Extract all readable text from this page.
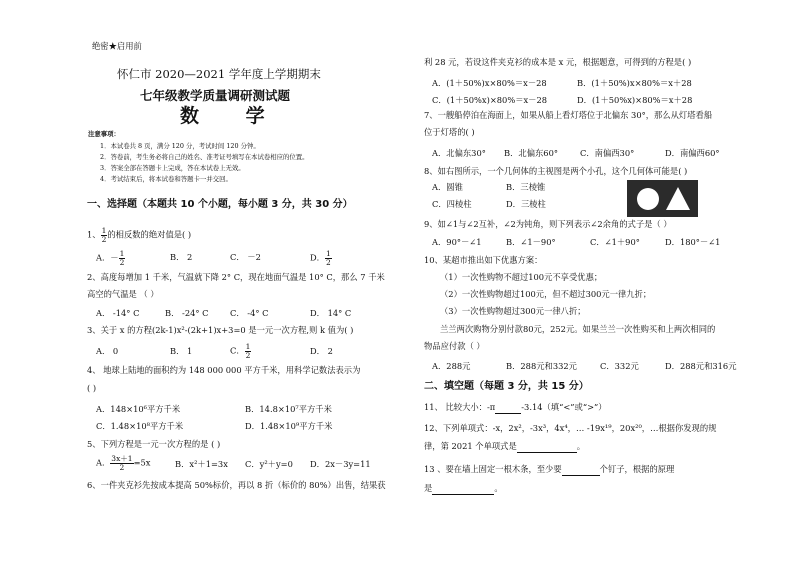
绝密★启用前
怀仁市 2020—2021 学年度上学期期末
七年级教学质量调研测试题
数 学
注意事项：
1．本试卷共 8 页，满分 120 分，考试时间 120 分钟。
2．答卷前，考生务必将自己的姓名、准考证号填写在本试卷相应的位置。
3．答案全部在答题卡上完成，答在本试卷上无效。
4．考试结束后，将本试卷和答题卡一并交回。
一、选择题（本题共 10 个小题，每小题 3 分，共 30 分）
1、 $\frac{1}{2}$ 的相反数的绝对值是( )
A．－ $\frac{1}{2}$	B． 2	C． －2	D． $\frac{1}{2}$
2、高度每增加 1 千米，气温就下降 2° C，现在地面气温是 10° C，那么 7 千米
高空的气温是 （ ）
A． -14° C	B． -24° C	C． -4° C	D． 14° C
3、关于 x 的方程(2k-1)x²-(2k+1)x+3=0 是一元一次方程,则 k 值为( )
A． 0	B． 1	C． $\frac{1}{2}$	D． 2
4、 地球上陆地的面积约为 148 000 000 平方千米，用科学记数法表示为
( )
A．148×10⁶平方千米	B．14.8×10⁷平方千米
C．1.48×10⁸平方千米	D．1.48×10⁹平方千米
5、下列方程是一元一次方程的是 ( )
A． $\frac{3x+1}{2} =5x$	B．x²＋1=3x C．y²＋y=0 D．2x－3y=11
6、一件夹克衫先按成本提高 50%标价，再以 8 折（标价的 80%）出售，结果获
利 28 元，若设这件夹克衫的成本是 x 元，根据题意，可得到的方程是( )
A．(1＋50%)x×80%＝x－28	B．(1＋50%)x×80%＝x＋28
C．(1＋50%x)×80%＝x－28	D．(1＋50%x)×80%＝x＋28
7、一艘船停泊在海面上，如果从船上看灯塔位于北偏东 30°，那么从灯塔看船
位于灯塔的( )
A．北偏东30° B．北偏东60°	C．南偏西30°	D．南偏西60°
8、如右图所示，一个几何体的主视图是两个小孔，这个几何体可能是( )
A．圆锥	B．三棱锥
C．四棱柱	D．三棱柱
9、如∠1与∠2互补，∠2为钝角，则下列表示∠2余角的式子是（ ）
A．90°－∠1	B．∠1－90°	C．∠1＋90°	D．180°－∠1
10、某超市推出如下优惠方案：
（1）一次性购物不超过100元不享受优惠；
（2）一次性购物超过100元，但不超过300元一律九折；
（3）一次性购物超过300元一律八折；
兰兰两次购物分别付款80元，252元。如果兰兰一次性购买和上两次相同的
物品应付款（ ）
A．288元	B．288元和332元	C．332元	D．288元和316元
二、填空题（每题 3 分，共 15 分）
11、 比较大小：-π	-3.14（填“<”或“>”）
12、下列单项式：-x，2x²，-3x³，4x⁴，… -19x¹⁹，20x²⁰，…根据你发现的规
律，第 2021 个单项式是	。
13 、要在墙上固定一根木条，至少要	个钉子，根据的原理
是	。
